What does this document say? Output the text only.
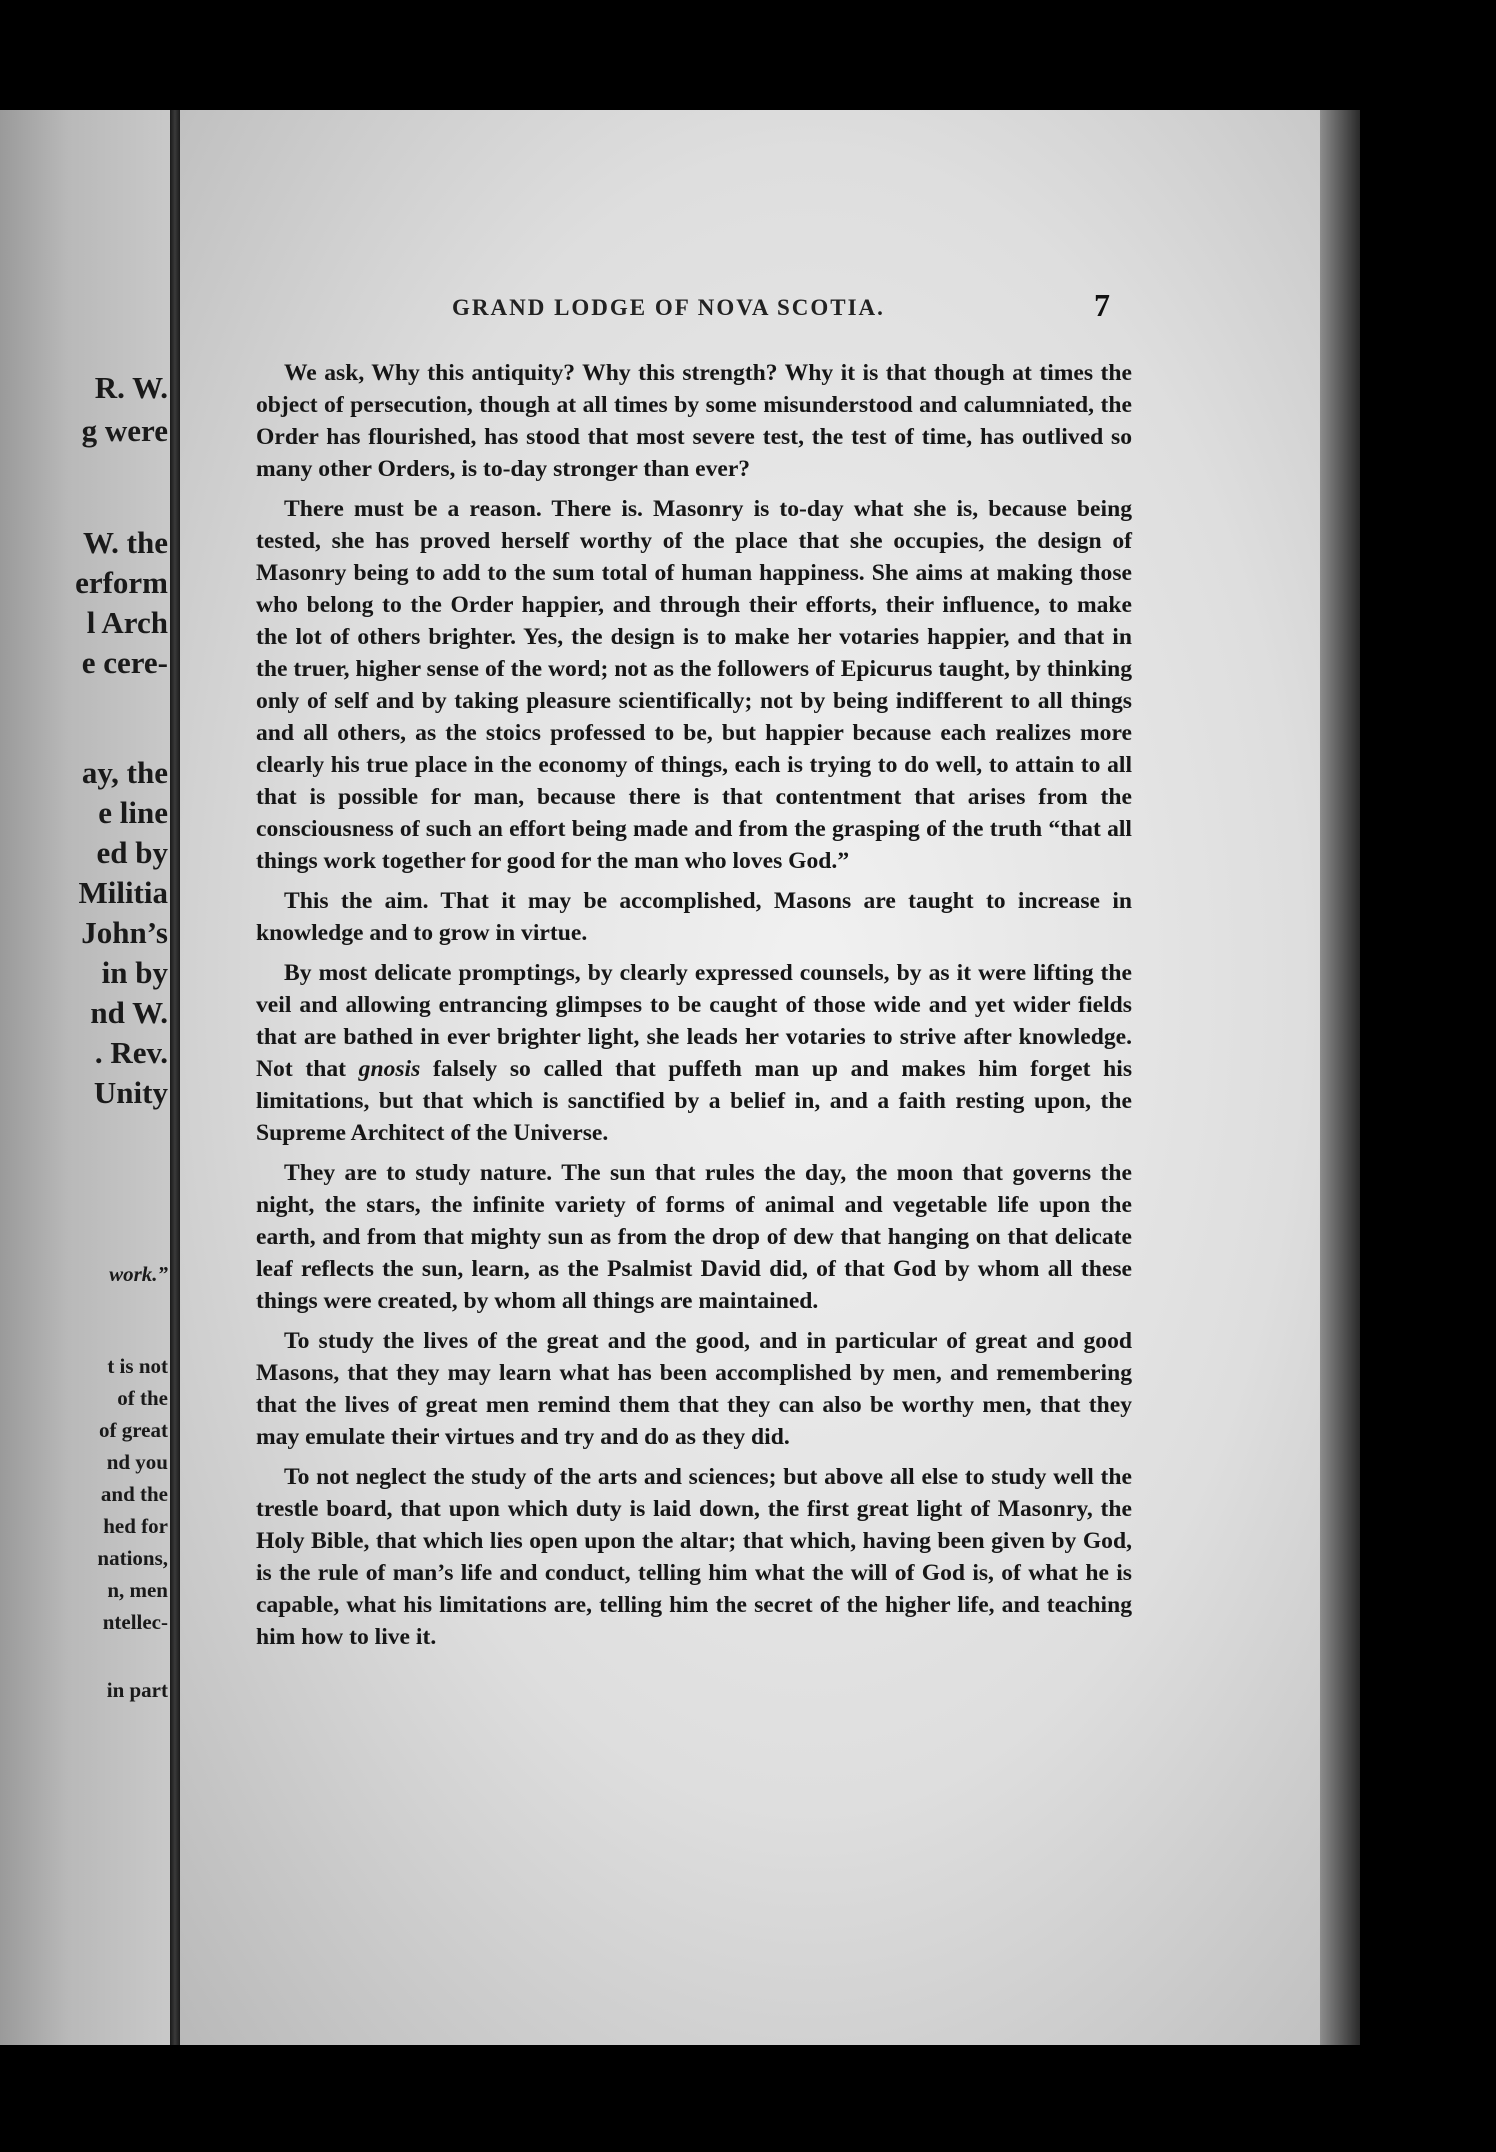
R. W.
g were
W. the
erform
l Arch
e cere-
ay, the
e line
ed by
Militia
John’s
in by
nd W.
. Rev.
Unity
work.”
t is not
of the
of great
nd you
and the
hed for
nations,
n, men
ntellec-
in part
GRAND LODGE OF NOVA SCOTIA.	7

We ask, Why this antiquity? Why this strength? Why it is that though at times the object of persecution, though at all times by some misunderstood and calumniated, the Order has flourished, has stood that most severe test, the test of time, has outlived so many other Orders, is to-day stronger than ever?

There must be a reason. There is. Masonry is to-day what she is, because being tested, she has proved herself worthy of the place that she occupies, the design of Masonry being to add to the sum total of human happiness. She aims at making those who belong to the Order happier, and through their efforts, their influence, to make the lot of others brighter. Yes, the design is to make her votaries happier, and that in the truer, higher sense of the word; not as the followers of Epicurus taught, by thinking only of self and by taking pleasure scientifically; not by being indifferent to all things and all others, as the stoics professed to be, but happier because each realizes more clearly his true place in the economy of things, each is trying to do well, to attain to all that is possible for man, because there is that contentment that arises from the consciousness of such an effort being made and from the grasping of the truth “that all things work together for good for the man who loves God.”

This the aim. That it may be accomplished, Masons are taught to increase in knowledge and to grow in virtue.

By most delicate promptings, by clearly expressed counsels, by as it were lifting the veil and allowing entrancing glimpses to be caught of those wide and yet wider fields that are bathed in ever brighter light, she leads her votaries to strive after knowledge. Not that gnosis falsely so called that puffeth man up and makes him forget his limitations, but that which is sanctified by a belief in, and a faith resting upon, the Supreme Architect of the Universe.

They are to study nature. The sun that rules the day, the moon that governs the night, the stars, the infinite variety of forms of animal and vegetable life upon the earth, and from that mighty sun as from the drop of dew that hanging on that delicate leaf reflects the sun, learn, as the Psalmist David did, of that God by whom all these things were created, by whom all things are maintained.

To study the lives of the great and the good, and in particular of great and good Masons, that they may learn what has been accomplished by men, and remembering that the lives of great men remind them that they can also be worthy men, that they may emulate their virtues and try and do as they did.

To not neglect the study of the arts and sciences; but above all else to study well the trestle board, that upon which duty is laid down, the first great light of Masonry, the Holy Bible, that which lies open upon the altar; that which, having been given by God, is the rule of man’s life and conduct, telling him what the will of God is, of what he is capable, what his limitations are, telling him the secret of the higher life, and teaching him how to live it.
